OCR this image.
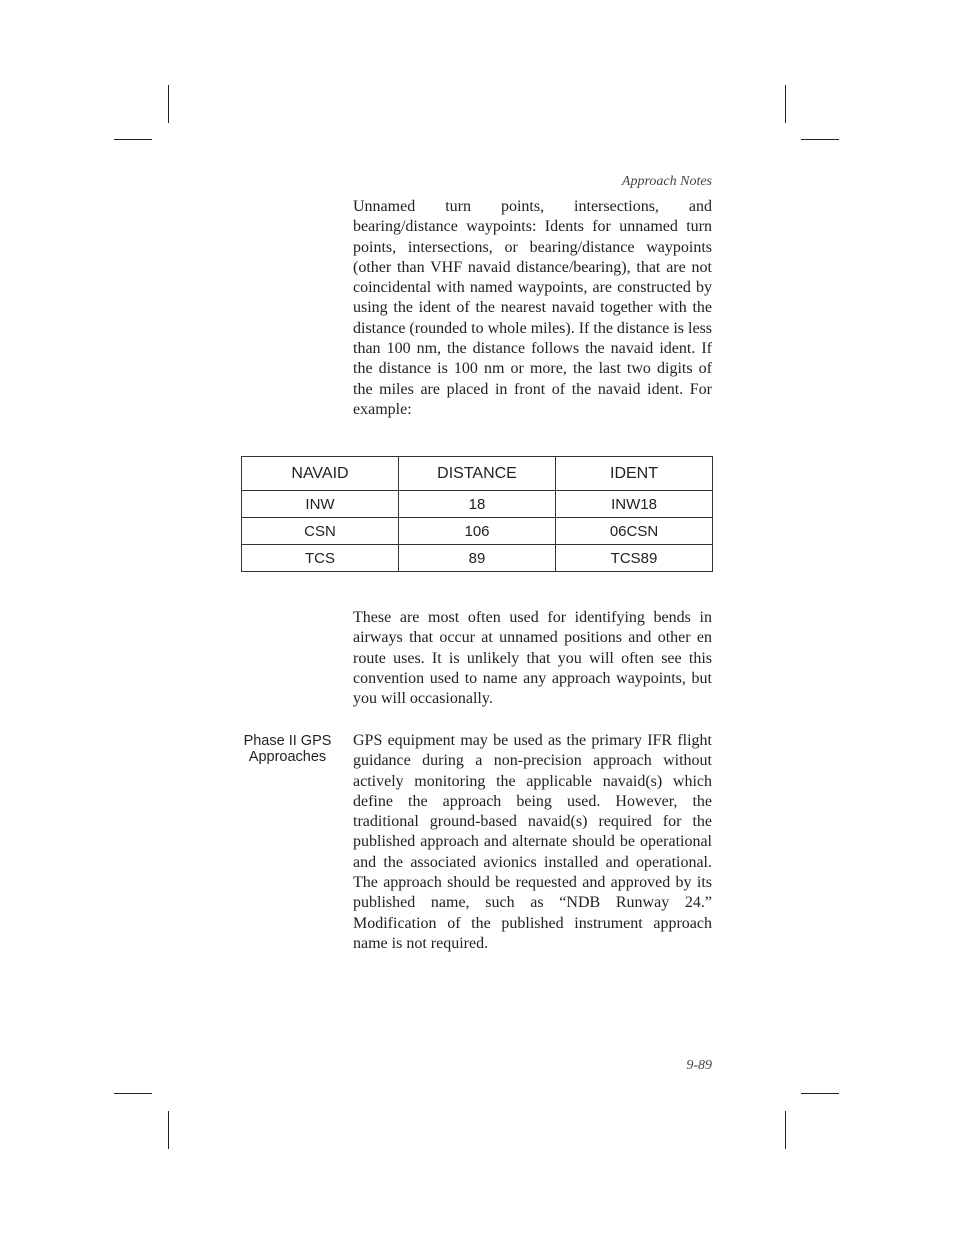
Approach Notes
Unnamed turn points, intersections, and bearing/distance waypoints: Idents for unnamed turn points, intersections, or bearing/distance waypoints (other than VHF navaid distance/bearing), that are not coincidental with named waypoints, are constructed by using the ident of the nearest navaid together with the distance (rounded to whole miles). If the distance is less than 100 nm, the distance follows the navaid ident. If the distance is 100 nm or more, the last two digits of the miles are placed in front of the navaid ident. For example:
NAVAID	DISTANCE	IDENT
INW	18	INW18
CSN	106	06CSN
TCS	89	TCS89
These are most often used for identifying bends in airways that occur at unnamed positions and other en route uses. It is unlikely that you will often see this convention used to name any approach waypoints, but you will occasionally.
Phase II GPS
Approaches
GPS equipment may be used as the primary IFR flight guidance during a non-precision approach without actively monitoring the applicable navaid(s) which define the approach being used. However, the traditional ground-based navaid(s) required for the published approach and alternate should be operational and the associated avionics installed and operational. The approach should be requested and approved by its published name, such as “NDB Runway 24.” Modification of the published instrument approach name is not required.
9-89
